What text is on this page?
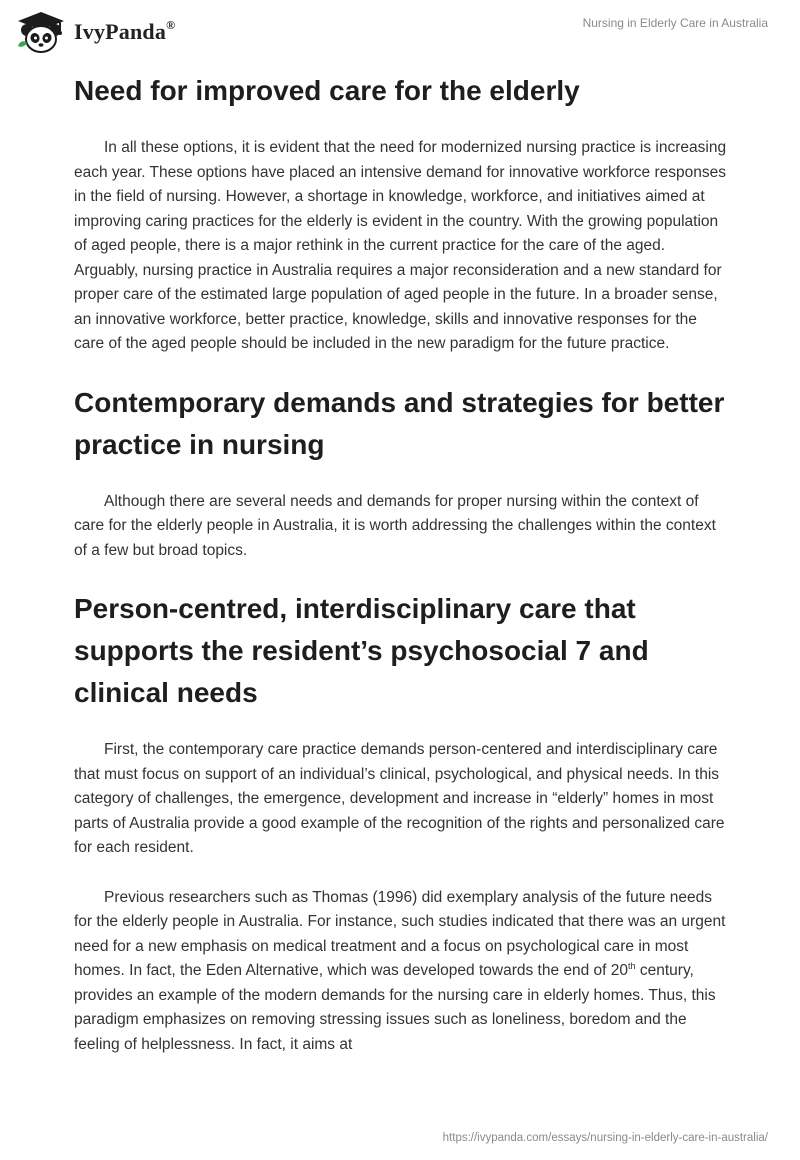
IvyPanda®	Nursing in Elderly Care in Australia
Need for improved care for the elderly

In all these options, it is evident that the need for modernized nursing practice is increasing each year. These options have placed an intensive demand for innovative workforce responses in the field of nursing. However, a shortage in knowledge, workforce, and initiatives aimed at improving caring practices for the elderly is evident in the country. With the growing population of aged people, there is a major rethink in the current practice for the care of the aged. Arguably, nursing practice in Australia requires a major reconsideration and a new standard for proper care of the estimated large population of aged people in the future. In a broader sense, an innovative workforce, better practice, knowledge, skills and innovative responses for the care of the aged people should be included in the new paradigm for the future practice.

Contemporary demands and strategies for better practice in nursing

Although there are several needs and demands for proper nursing within the context of care for the elderly people in Australia, it is worth addressing the challenges within the context of a few but broad topics.

Person-centred, interdisciplinary care that supports the resident’s psychosocial 7 and clinical needs

First, the contemporary care practice demands person-centered and interdisciplinary care that must focus on support of an individual’s clinical, psychological, and physical needs. In this category of challenges, the emergence, development and increase in “elderly” homes in most parts of Australia provide a good example of the recognition of the rights and personalized care for each resident.

Previous researchers such as Thomas (1996) did exemplary analysis of the future needs for the elderly people in Australia. For instance, such studies indicated that there was an urgent need for a new emphasis on medical treatment and a focus on psychological care in most homes. In fact, the Eden Alternative, which was developed towards the end of 20th century, provides an example of the modern demands for the nursing care in elderly homes. Thus, this paradigm emphasizes on removing stressing issues such as loneliness, boredom and the feeling of helplessness. In fact, it aims at

https://ivypanda.com/essays/nursing-in-elderly-care-in-australia/
